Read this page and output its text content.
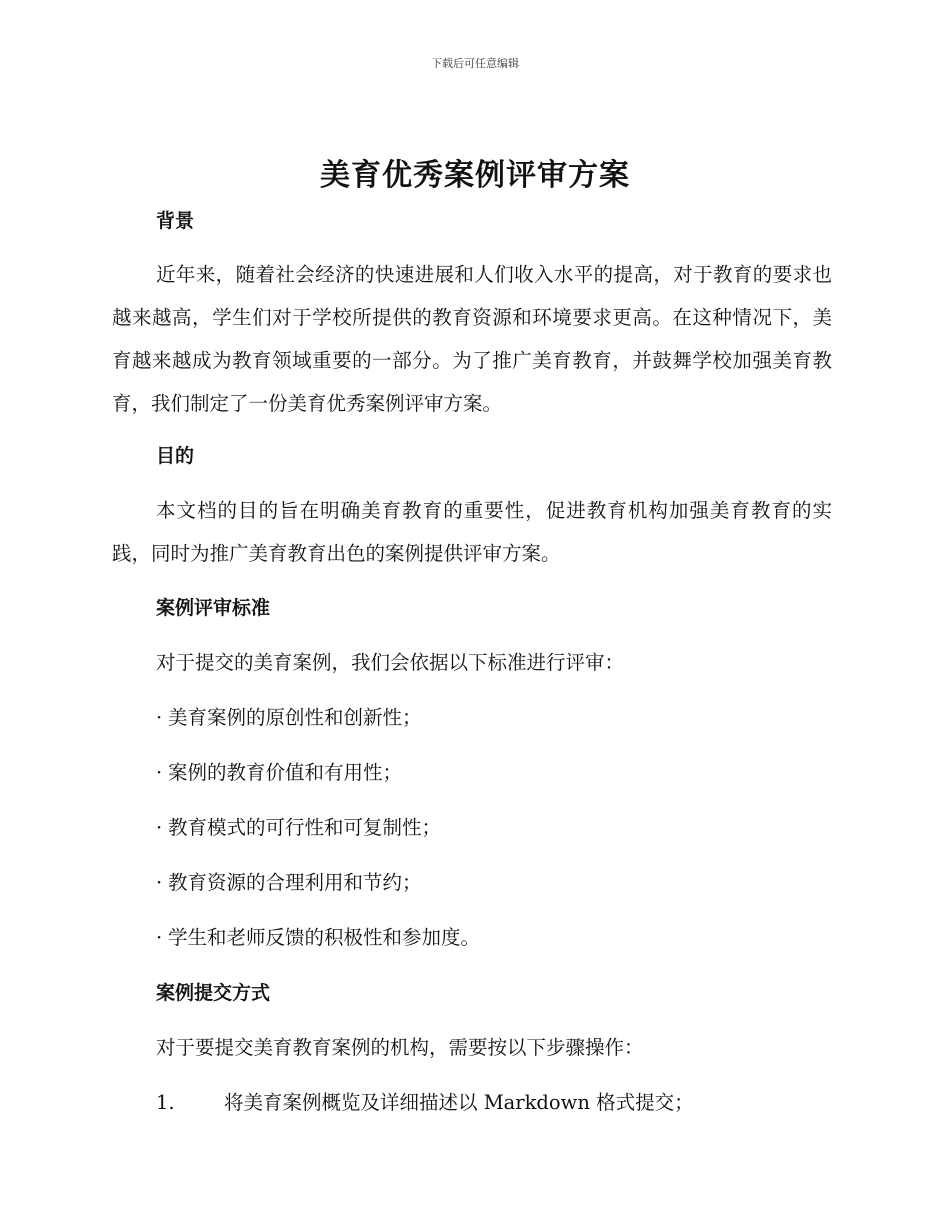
下载后可任意编辑
美育优秀案例评审方案
背景
近年来，随着社会经济的快速进展和人们收入水平的提高，对于教育的要求也越来越高，学生们对于学校所提供的教育资源和环境要求更高。在这种情况下，美育越来越成为教育领域重要的一部分。为了推广美育教育，并鼓舞学校加强美育教育，我们制定了一份美育优秀案例评审方案。
目的
本文档的目的旨在明确美育教育的重要性，促进教育机构加强美育教育的实践，同时为推广美育教育出色的案例提供评审方案。
案例评审标准
对于提交的美育案例，我们会依据以下标准进行评审：
· 美育案例的原创性和创新性；
· 案例的教育价值和有用性；
· 教育模式的可行性和可复制性；
· 教育资源的合理利用和节约；
· 学生和老师反馈的积极性和参加度。
案例提交方式
对于要提交美育教育案例的机构，需要按以下步骤操作：
1.	将美育案例概览及详细描述以 Markdown 格式提交；
